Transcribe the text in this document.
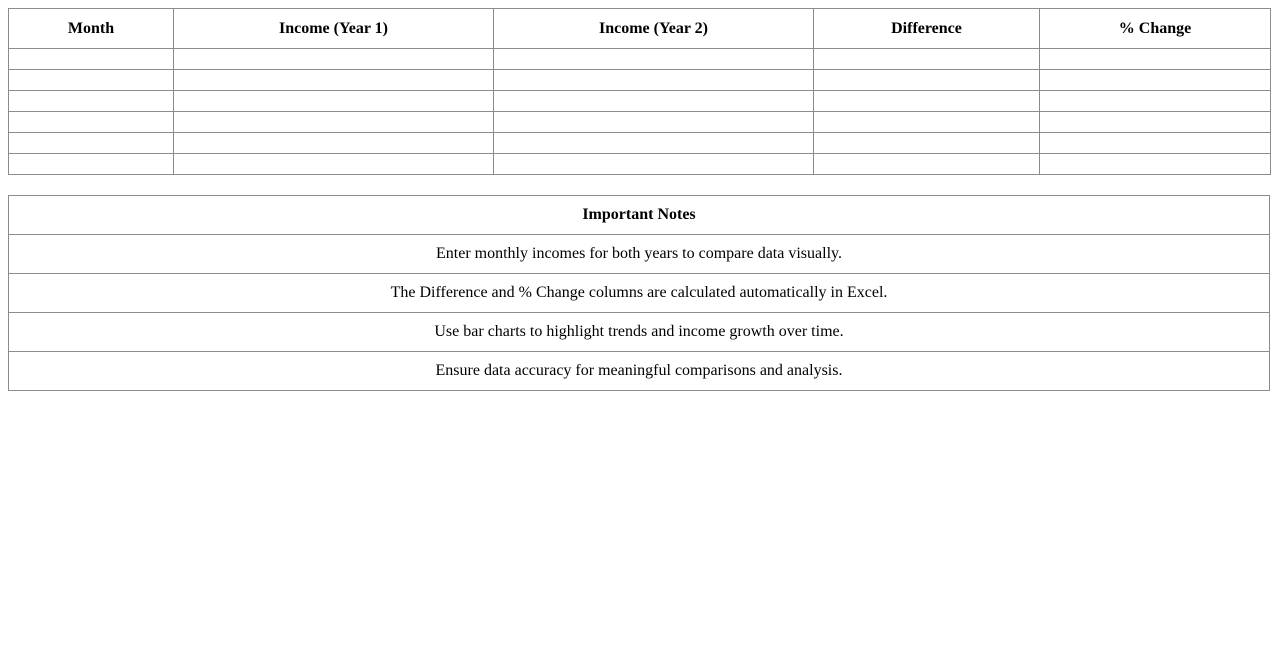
Month	Income (Year 1)	Income (Year 2)	Difference	% Change

Important Notes
Enter monthly incomes for both years to compare data visually.
The Difference and % Change columns are calculated automatically in Excel.
Use bar charts to highlight trends and income growth over time.
Ensure data accuracy for meaningful comparisons and analysis.
